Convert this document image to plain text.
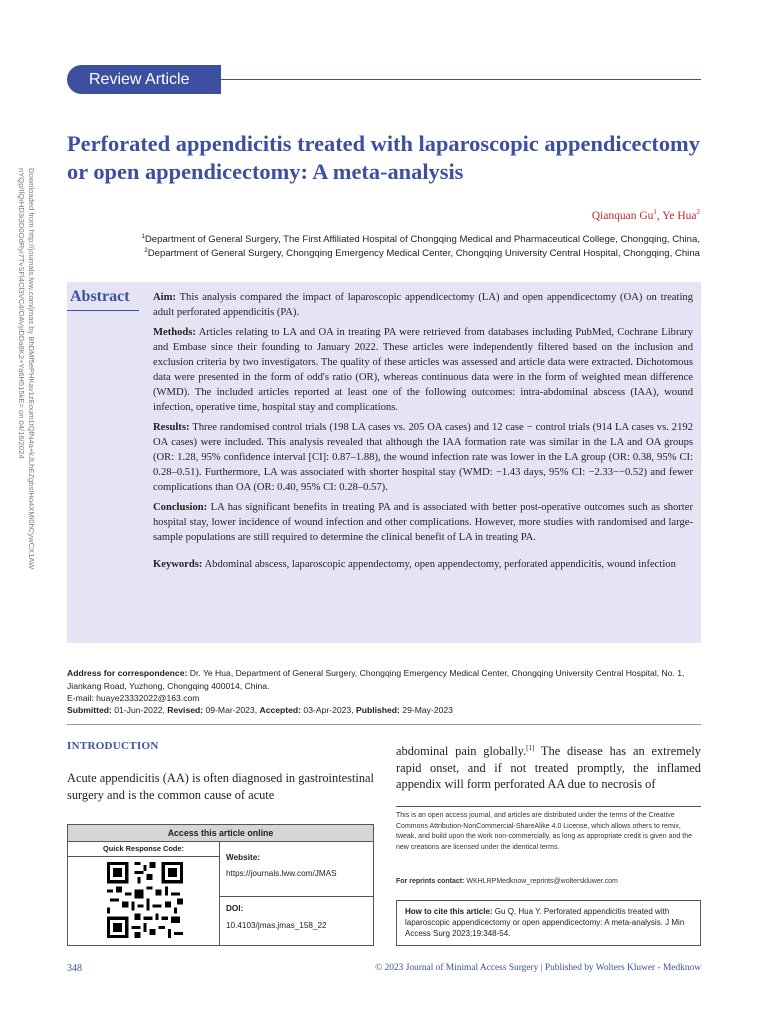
Downloaded from http://journals.lww.com/jmas by BhDMf5ePHKav1zEoum1tQfN4a+kJLhEZgbsIHo4XMi0hCywCX1AW
nYQp/IlQrHD3i3D0OdRyi7TvSFl4Cf3VC4/OAVpDDa8K2+Ya6H515kE= on 04/16/2024
Review Article
Perforated appendicitis treated with laparoscopic appendicectomy or open appendicectomy: A meta-analysis
Qianquan Gu$^1$, Ye Hua$^2$
$^1$Department of General Surgery, The First Affiliated Hospital of Chongqing Medical and Pharmaceutical College, Chongqing, China,
$^2$Department of General Surgery, Chongqing Emergency Medical Center, Chongqing University Central Hospital, Chongqing, China
Abstract Aim: This analysis compared the impact of laparoscopic appendicectomy (LA) and open appendicectomy (OA) on treating adult perforated appendicitis (PA).

Methods: Articles relating to LA and OA in treating PA were retrieved from databases including PubMed, Cochrane Library and Embase since their founding to January 2022. These articles were independently filtered based on the inclusion and exclusion criteria by two investigators. The quality of these articles was assessed and article data were extracted. Dichotomous data were presented in the form of odd's ratio (OR), whereas continuous data were in the form of weighted mean difference (WMD). The included articles reported at least one of the following outcomes: intra-abdominal abscess (IAA), wound infection, operative time, hospital stay and complications.

Results: Three randomised control trials (198 LA cases vs. 205 OA cases) and 12 case − control trials (914 LA cases vs. 2192 OA cases) were included. This analysis revealed that although the IAA formation rate was similar in the LA and OA groups (OR: 1.28, 95% confidence interval [CI]: 0.87–1.88), the wound infection rate was lower in the LA group (OR: 0.38, 95% CI: 0.28–0.51). Furthermore, LA was associated with shorter hospital stay (WMD: −1.43 days, 95% CI: −2.33−−0.52) and fewer complications than OA (OR: 0.40, 95% CI: 0.28–0.57).

Conclusion: LA has significant benefits in treating PA and is associated with better post-operative outcomes such as shorter hospital stay, lower incidence of wound infection and other complications. However, more studies with randomised and large-sample populations are still required to determine the clinical benefit of LA in treating PA.

Keywords: Abdominal abscess, laparoscopic appendectomy, open appendectomy, perforated appendicitis, wound infection

Address for correspondence: Dr. Ye Hua, Department of General Surgery, Chongqing Emergency Medical Center, Chongqing University Central Hospital, No. 1, Jiankang Road, Yuzhong, Chongqing 400014, China.
E-mail: huaye23332022@163.com
Submitted: 01-Jun-2022, Revised: 09-Mar-2023, Accepted: 03-Apr-2023, Published: 29-May-2023
INTRODUCTION
Acute appendicitis (AA) is often diagnosed in gastrointestinal surgery and is the common cause of acute
abdominal pain globally.[1] The disease has an extremely rapid onset, and if not treated promptly, the inflamed appendix will form perforated AA due to necrosis of
This is an open access journal, and articles are distributed under the terms of the Creative Commons Attribution-NonCommercial-ShareAlike 4.0 License, which allows others to remix, tweak, and build upon the work non-commercially, as long as appropriate credit is given and the new creations are licensed under the identical terms.
For reprints contact: WKHLRPMedknow_reprints@wolterskluwer.com
How to cite this article: Gu Q, Hua Y. Perforated appendicitis treated with laparoscopic appendicectomy or open appendicectomy: A meta-analysis. J Min Access Surg 2023;19:348-54.
Access this article online
Quick Response Code:
Website:
https://journals.lww.com/JMAS
DOI:
10.4103/jmas.jmas_158_22
348	© 2023 Journal of Minimal Access Surgery | Published by Wolters Kluwer - Medknow
